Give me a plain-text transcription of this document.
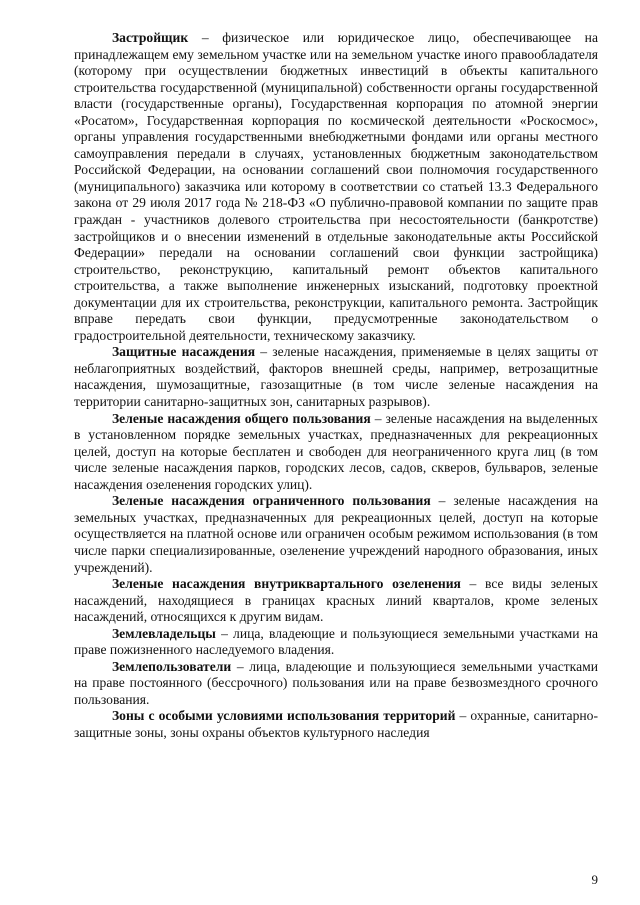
Застройщик – физическое или юридическое лицо, обеспечивающее на принадлежащем ему земельном участке или на земельном участке иного правообладателя (которому при осуществлении бюджетных инвестиций в объекты капитального строительства государственной (муниципальной) собственности органы государственной власти (государственные органы), Государственная корпорация по атомной энергии «Росатом», Государственная корпорация по космической деятельности «Роскосмос», органы управления государственными внебюджетными фондами или органы местного самоуправления передали в случаях, установленных бюджетным законодательством Российской Федерации, на основании соглашений свои полномочия государственного (муниципального) заказчика или которому в соответствии со статьей 13.3 Федерального закона от 29 июля 2017 года № 218-ФЗ «О публично-правовой компании по защите прав граждан - участников долевого строительства при несостоятельности (банкротстве) застройщиков и о внесении изменений в отдельные законодательные акты Российской Федерации» передали на основании соглашений свои функции застройщика) строительство, реконструкцию, капитальный ремонт объектов капитального строительства, а также выполнение инженерных изысканий, подготовку проектной документации для их строительства, реконструкции, капитального ремонта. Застройщик вправе передать свои функции, предусмотренные законодательством о градостроительной деятельности, техническому заказчику.

Защитные насаждения – зеленые насаждения, применяемые в целях защиты от неблагоприятных воздействий, факторов внешней среды, например, ветрозащитные насаждения, шумозащитные, газозащитные (в том числе зеленые насаждения на территории санитарно-защитных зон, санитарных разрывов).

Зеленые насаждения общего пользования – зеленые насаждения на выделенных в установленном порядке земельных участках, предназначенных для рекреационных целей, доступ на которые бесплатен и свободен для неограниченного круга лиц (в том числе зеленые насаждения парков, городских лесов, садов, скверов, бульваров, зеленые насаждения озеленения городских улиц).

Зеленые насаждения ограниченного пользования – зеленые насаждения на земельных участках, предназначенных для рекреационных целей, доступ на которые осуществляется на платной основе или ограничен особым режимом использования (в том числе парки специализированные, озеленение учреждений народного образования, иных учреждений).

Зеленые насаждения внутриквартального озеленения – все виды зеленых насаждений, находящиеся в границах красных линий кварталов, кроме зеленых насаждений, относящихся к другим видам.

Землевладельцы – лица, владеющие и пользующиеся земельными участками на праве пожизненного наследуемого владения.

Землепользователи – лица, владеющие и пользующиеся земельными участками на праве постоянного (бессрочного) пользования или на праве безвозмездного срочного пользования.

Зоны с особыми условиями использования территорий – охранные, санитарно-защитные зоны, зоны охраны объектов культурного наследия

9
